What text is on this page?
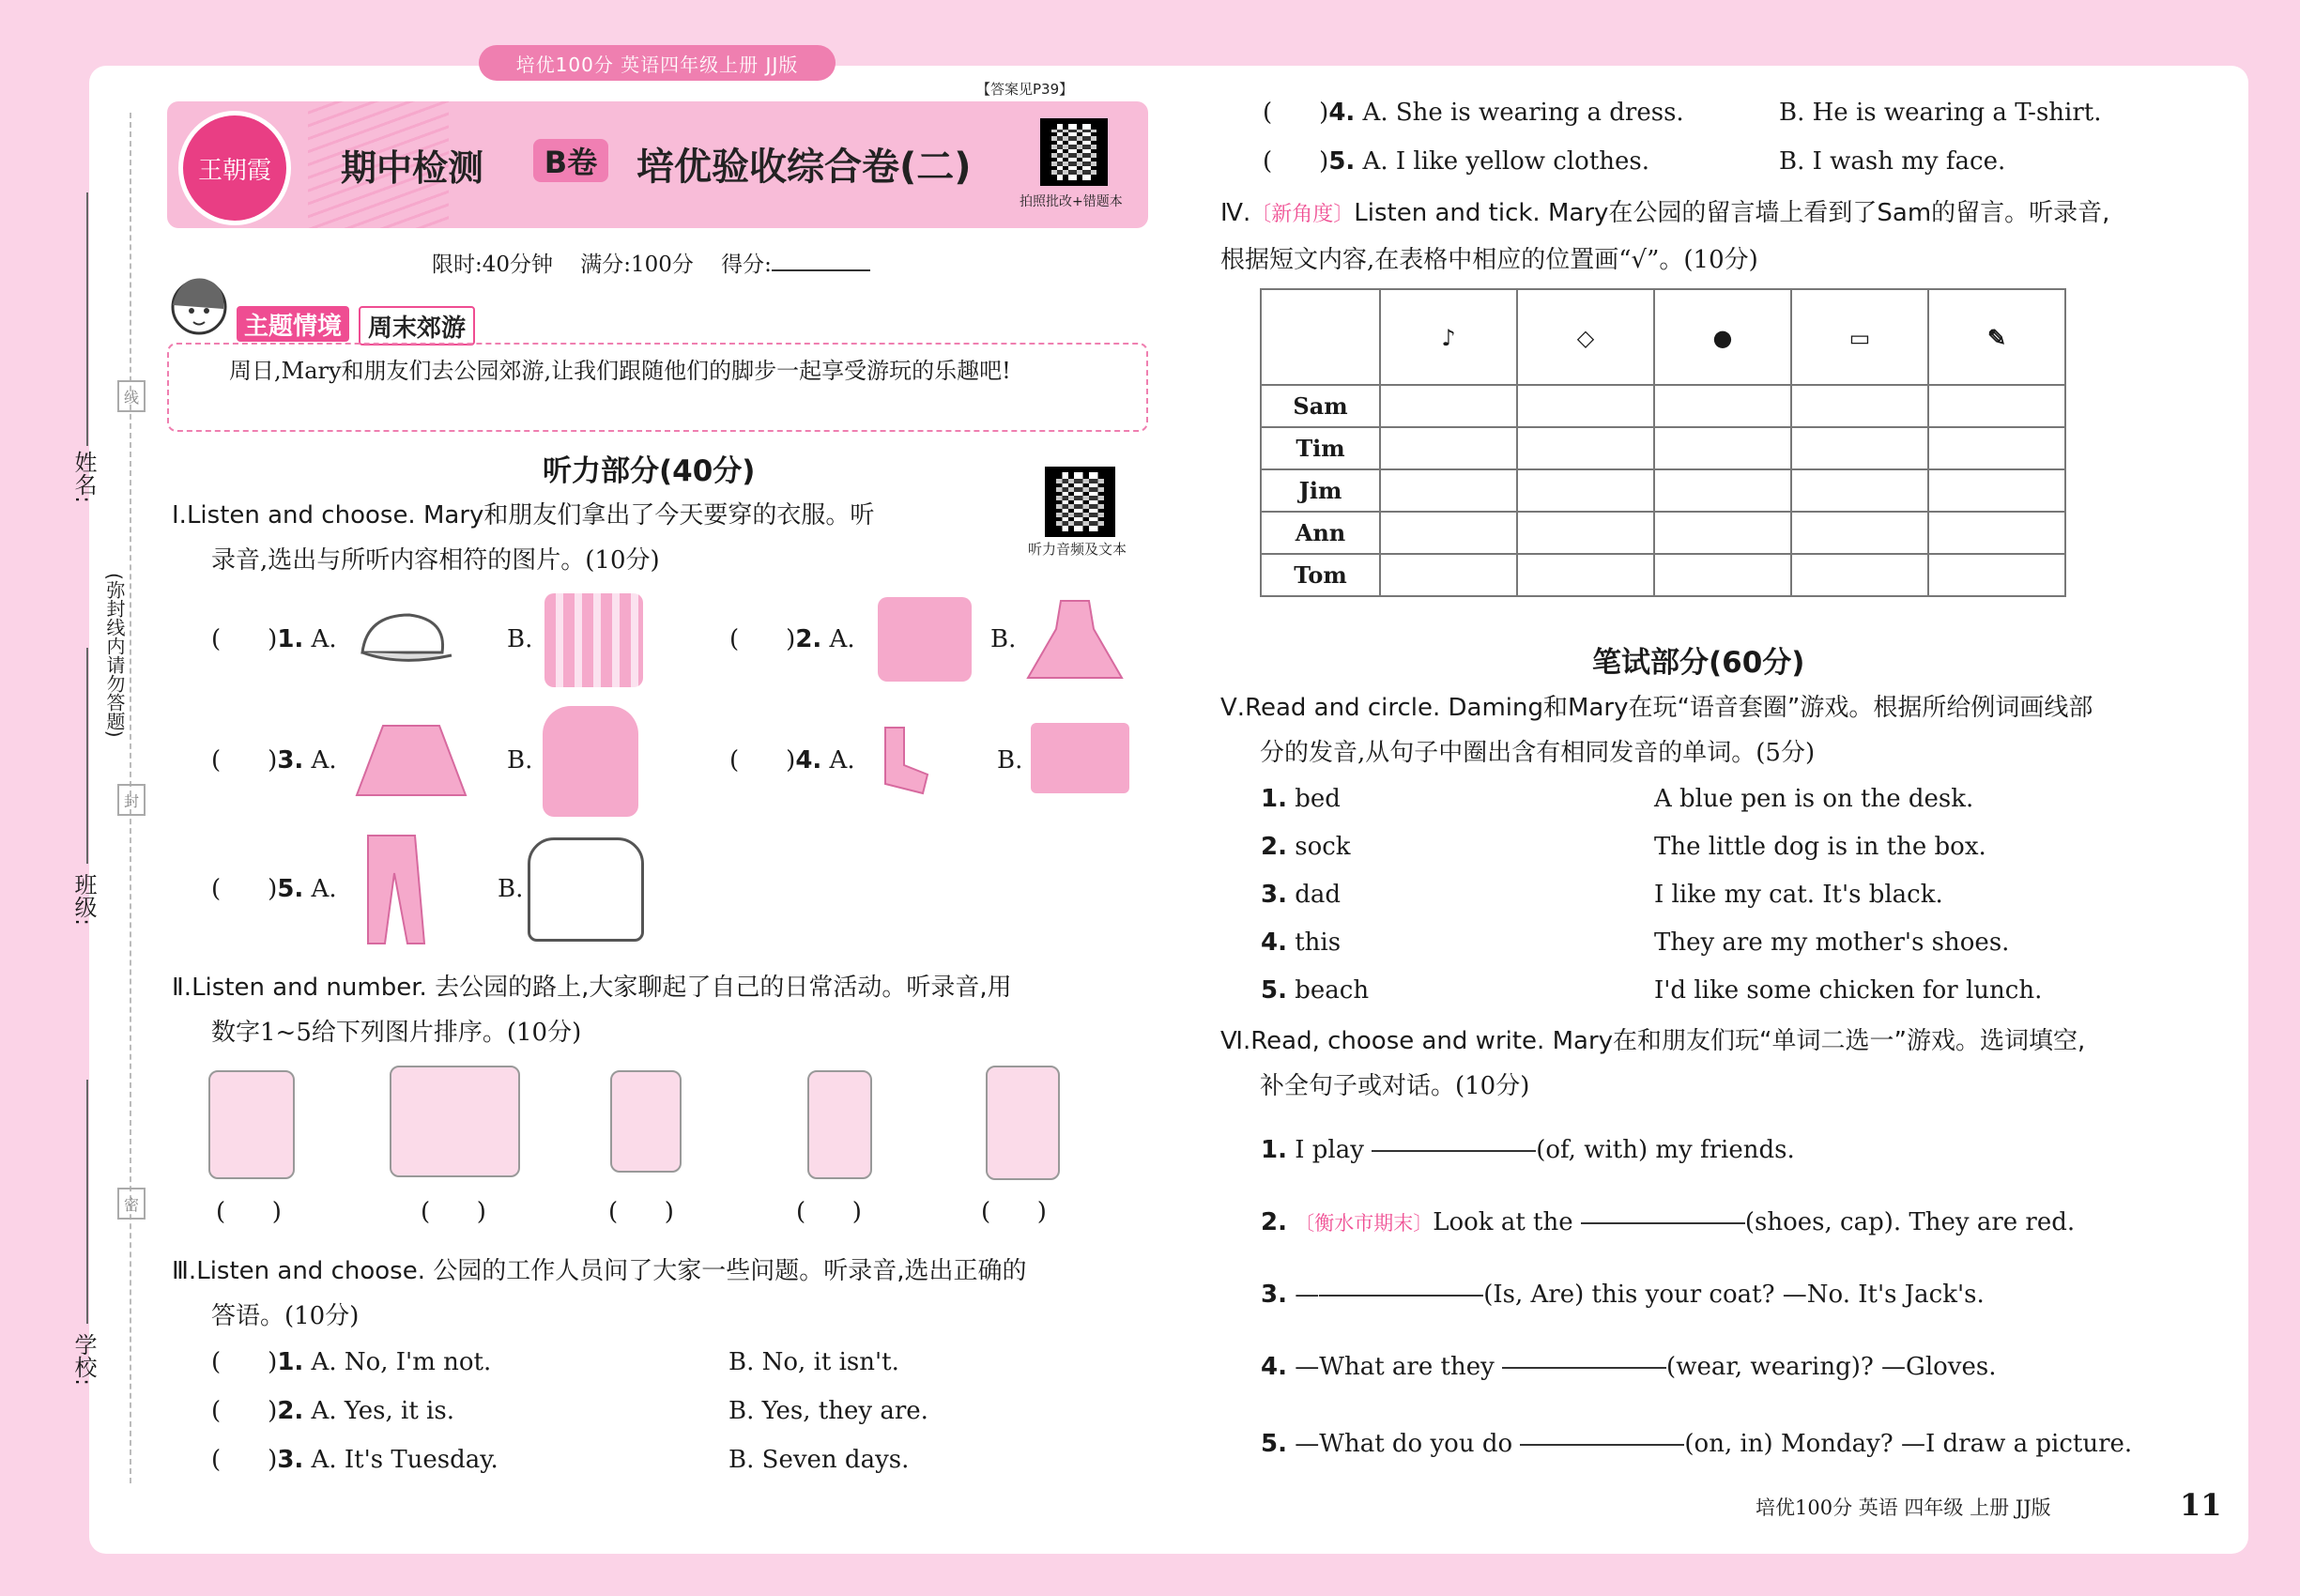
培优100分 英语四年级上册 JJ版
姓名:
班级:
学校:
(弥封线内请勿答题)
线
封
密
【答案见P39】
王朝霞 期中检测	B卷 培优验收综合卷(二)
拍照批改+错题本
限时:40分钟 满分:100分 得分:
主题情境	周末郊游
周日,Mary和朋友们去公园郊游,让我们跟随他们的脚步一起享受游玩的乐趣吧!
听力部分(40分)
听力音频及文本
Ⅰ.Listen and choose. Mary和朋友们拿出了今天要穿的衣服。听
录音,选出与所听内容相符的图片。(10分)
( )1. A.	B.	( )2. A.	B.
( )3. A.	B.	( )4. A.	B.
( )5. A.	B.
Ⅱ.Listen and number. 去公园的路上,大家聊起了自己的日常活动。听录音,用
数字1~5给下列图片排序。(10分)
(      )	(      )	(      )	(      )	(      )
Ⅲ.Listen and choose. 公园的工作人员问了大家一些问题。听录音,选出正确的
答语。(10分)
( )1. A. No, I'm not.	B. No, it isn't.
( )2. A. Yes, it is.	B. Yes, they are.
( )3. A. It's Tuesday.	B. Seven days.
( )4. A. She is wearing a dress.	B. He is wearing a T-shirt.
( )5. A. I like yellow clothes.	B. I wash my face.
Ⅳ.〔新角度〕Listen and tick. Mary在公园的留言墙上看到了Sam的留言。听录音,
根据短文内容,在表格中相应的位置画“√”。(10分)
	♪	◇	●	▭	✎
Sam					
Tim					
Jim					
Ann					
Tom					
笔试部分(60分)
Ⅴ.Read and circle. Daming和Mary在玩“语音套圈”游戏。根据所给例词画线部
分的发音,从句子中圈出含有相同发音的单词。(5分)
1. bed	A blue pen is on the desk.
2. sock	The little dog is in the box.
3. dad	I like my cat. It's black.
4. this	They are my mother's shoes.
5. beach	I'd like some chicken for lunch.
Ⅵ.Read, choose and write. Mary在和朋友们玩“单词二选一”游戏。选词填空,
补全句子或对话。(10分)
1. I play	(of, with) my friends.
2. 〔衡水市期末〕Look at the	(shoes, cap). They are red.
3. —	(Is, Are) this your coat? —No. It's Jack's.
4. —What are they	(wear, wearing)? —Gloves.
5. —What do you do	(on, in) Monday? —I draw a picture.
培优100分 英语 四年级 上册 JJ版	11
